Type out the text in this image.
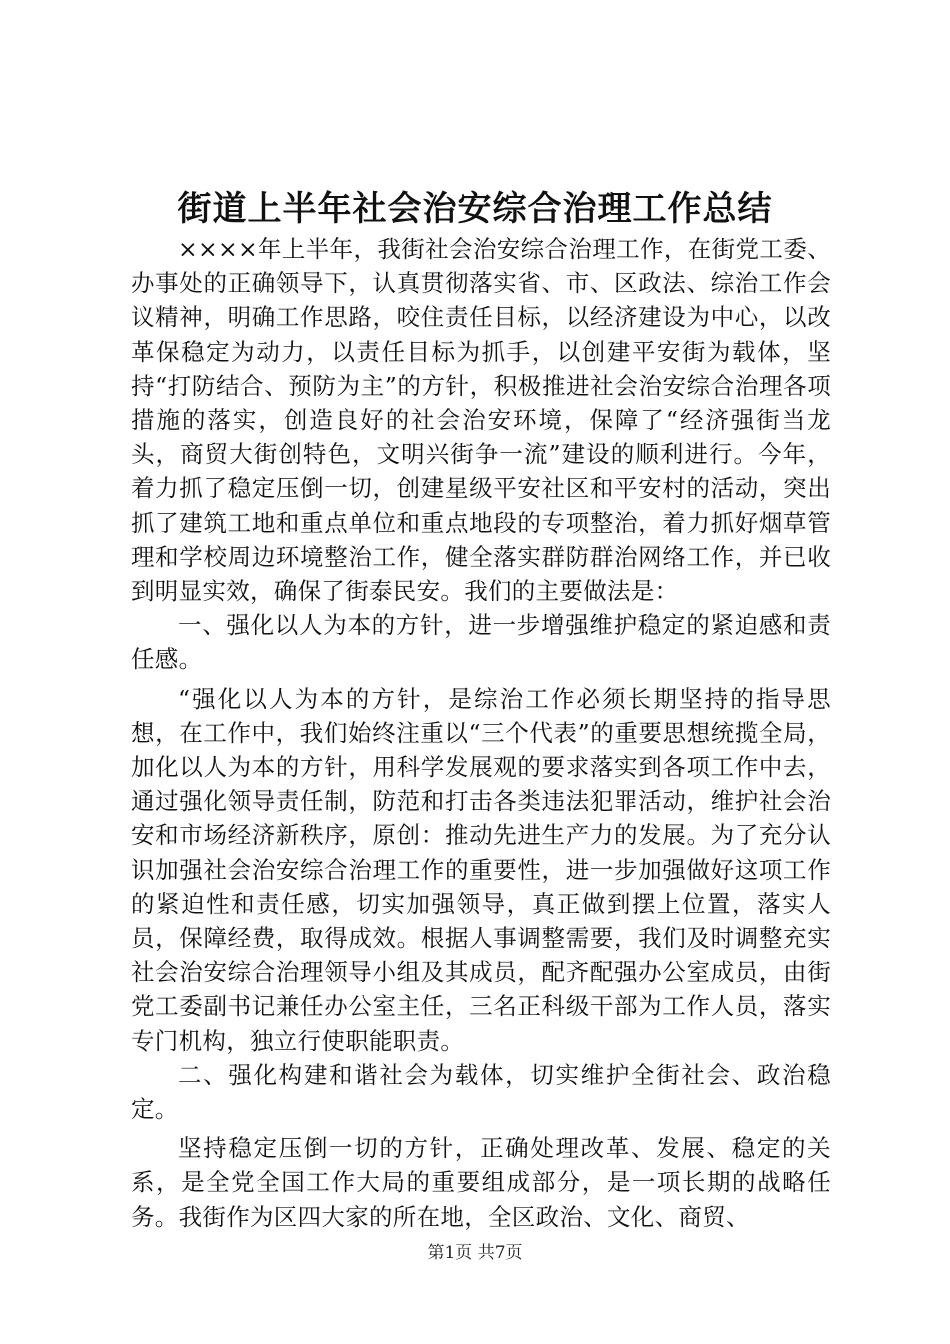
街道上半年社会治安综合治理工作总结

××××年上半年，我街社会治安综合治理工作，在街党工委、办事处的正确领导下，认真贯彻落实省、市、区政法、综治工作会议精神，明确工作思路，咬住责任目标，以经济建设为中心，以改革保稳定为动力，以责任目标为抓手，以创建平安街为载体，坚持“打防结合、预防为主”的方针，积极推进社会治安综合治理各项措施的落实，创造良好的社会治安环境，保障了“经济强街当龙头，商贸大街创特色，文明兴街争一流”建设的顺利进行。今年，着力抓了稳定压倒一切，创建星级平安社区和平安村的活动，突出抓了建筑工地和重点单位和重点地段的专项整治，着力抓好烟草管理和学校周边环境整治工作，健全落实群防群治网络工作，并已收到明显实效，确保了街泰民安。我们的主要做法是：

一、强化以人为本的方针，进一步增强维护稳定的紧迫感和责任感。

“强化以人为本的方针，是综治工作必须长期坚持的指导思想，在工作中，我们始终注重以“三个代表”的重要思想统揽全局，加化以人为本的方针，用科学发展观的要求落实到各项工作中去，通过强化领导责任制，防范和打击各类违法犯罪活动，维护社会治安和市场经济新秩序，原创：推动先进生产力的发展。为了充分认识加强社会治安综合治理工作的重要性，进一步加强做好这项工作的紧迫性和责任感，切实加强领导，真正做到摆上位置，落实人员，保障经费，取得成效。根据人事调整需要，我们及时调整充实社会治安综合治理领导小组及其成员，配齐配强办公室成员，由街党工委副书记兼任办公室主任，三名正科级干部为工作人员，落实专门机构，独立行使职能职责。

二、强化构建和谐社会为载体，切实维护全街社会、政治稳定。

坚持稳定压倒一切的方针，正确处理改革、发展、稳定的关系，是全党全国工作大局的重要组成部分，是一项长期的战略任务。我街作为区四大家的所在地，全区政治、文化、商贸、

第1页 共7页
